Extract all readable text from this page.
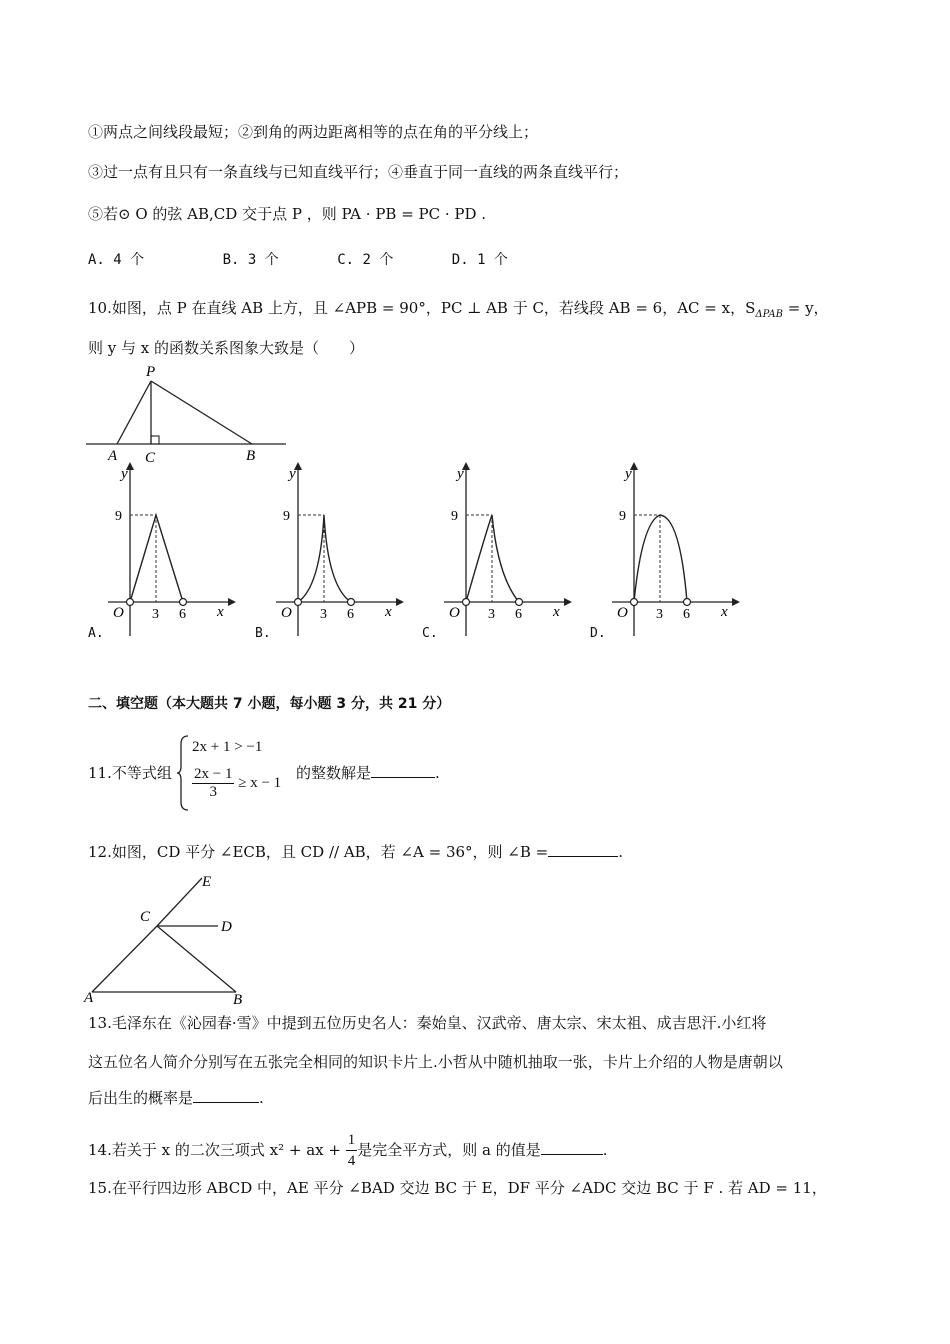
①两点之间线段最短；②到角的两边距离相等的点在角的平分线上；
③过一点有且只有一条直线与已知直线平行；④垂直于同一直线的两条直线平行；
⑤若⊙ O 的弦 AB,CD 交于点 P ，则 PA · PB = PC · PD .
A. 4 个	B. 3 个	C. 2 个	D. 1 个
10.如图，点 P 在直线 AB 上方，且 ∠APB = 90°，PC ⊥ AB 于 C，若线段 AB = 6，AC = x，$S_{\Delta PAB} = y$，
则 y 与 x 的函数关系图象大致是（　　）
P
A C	B
y
x
O
9
3 6
A.
y
x
O
9
3 6
B.
y
x
O
9
3 6
C.
y
x
O
9
3 6
D.
二、填空题（本大题共 7 小题，每小题 3 分，共 21 分）
11.不等式组
2x + 1 > −1
$\frac{2x - 1}{3} \ge x - 1$
的整数解是	.
12.如图，CD 平分 ∠ECB，且 CD // AB，若 ∠A = 36°，则 ∠B =	.
E
C
D
A	B
13.毛泽东在《沁园春·雪》中提到五位历史名人：秦始皇、汉武帝、唐太宗、宋太祖、成吉思汗.小红将
这五位名人简介分别写在五张完全相同的知识卡片上.小哲从中随机抽取一张，卡片上介绍的人物是唐朝以
后出生的概率是	.
14.若关于 x 的二次三项式 x² + ax + $\frac{1}{4}$ 是完全平方式，则 a 的值是	.
15.在平行四边形 ABCD 中，AE 平分 ∠BAD 交边 BC 于 E，DF 平分 ∠ADC 交边 BC 于 F . 若 AD = 11，
